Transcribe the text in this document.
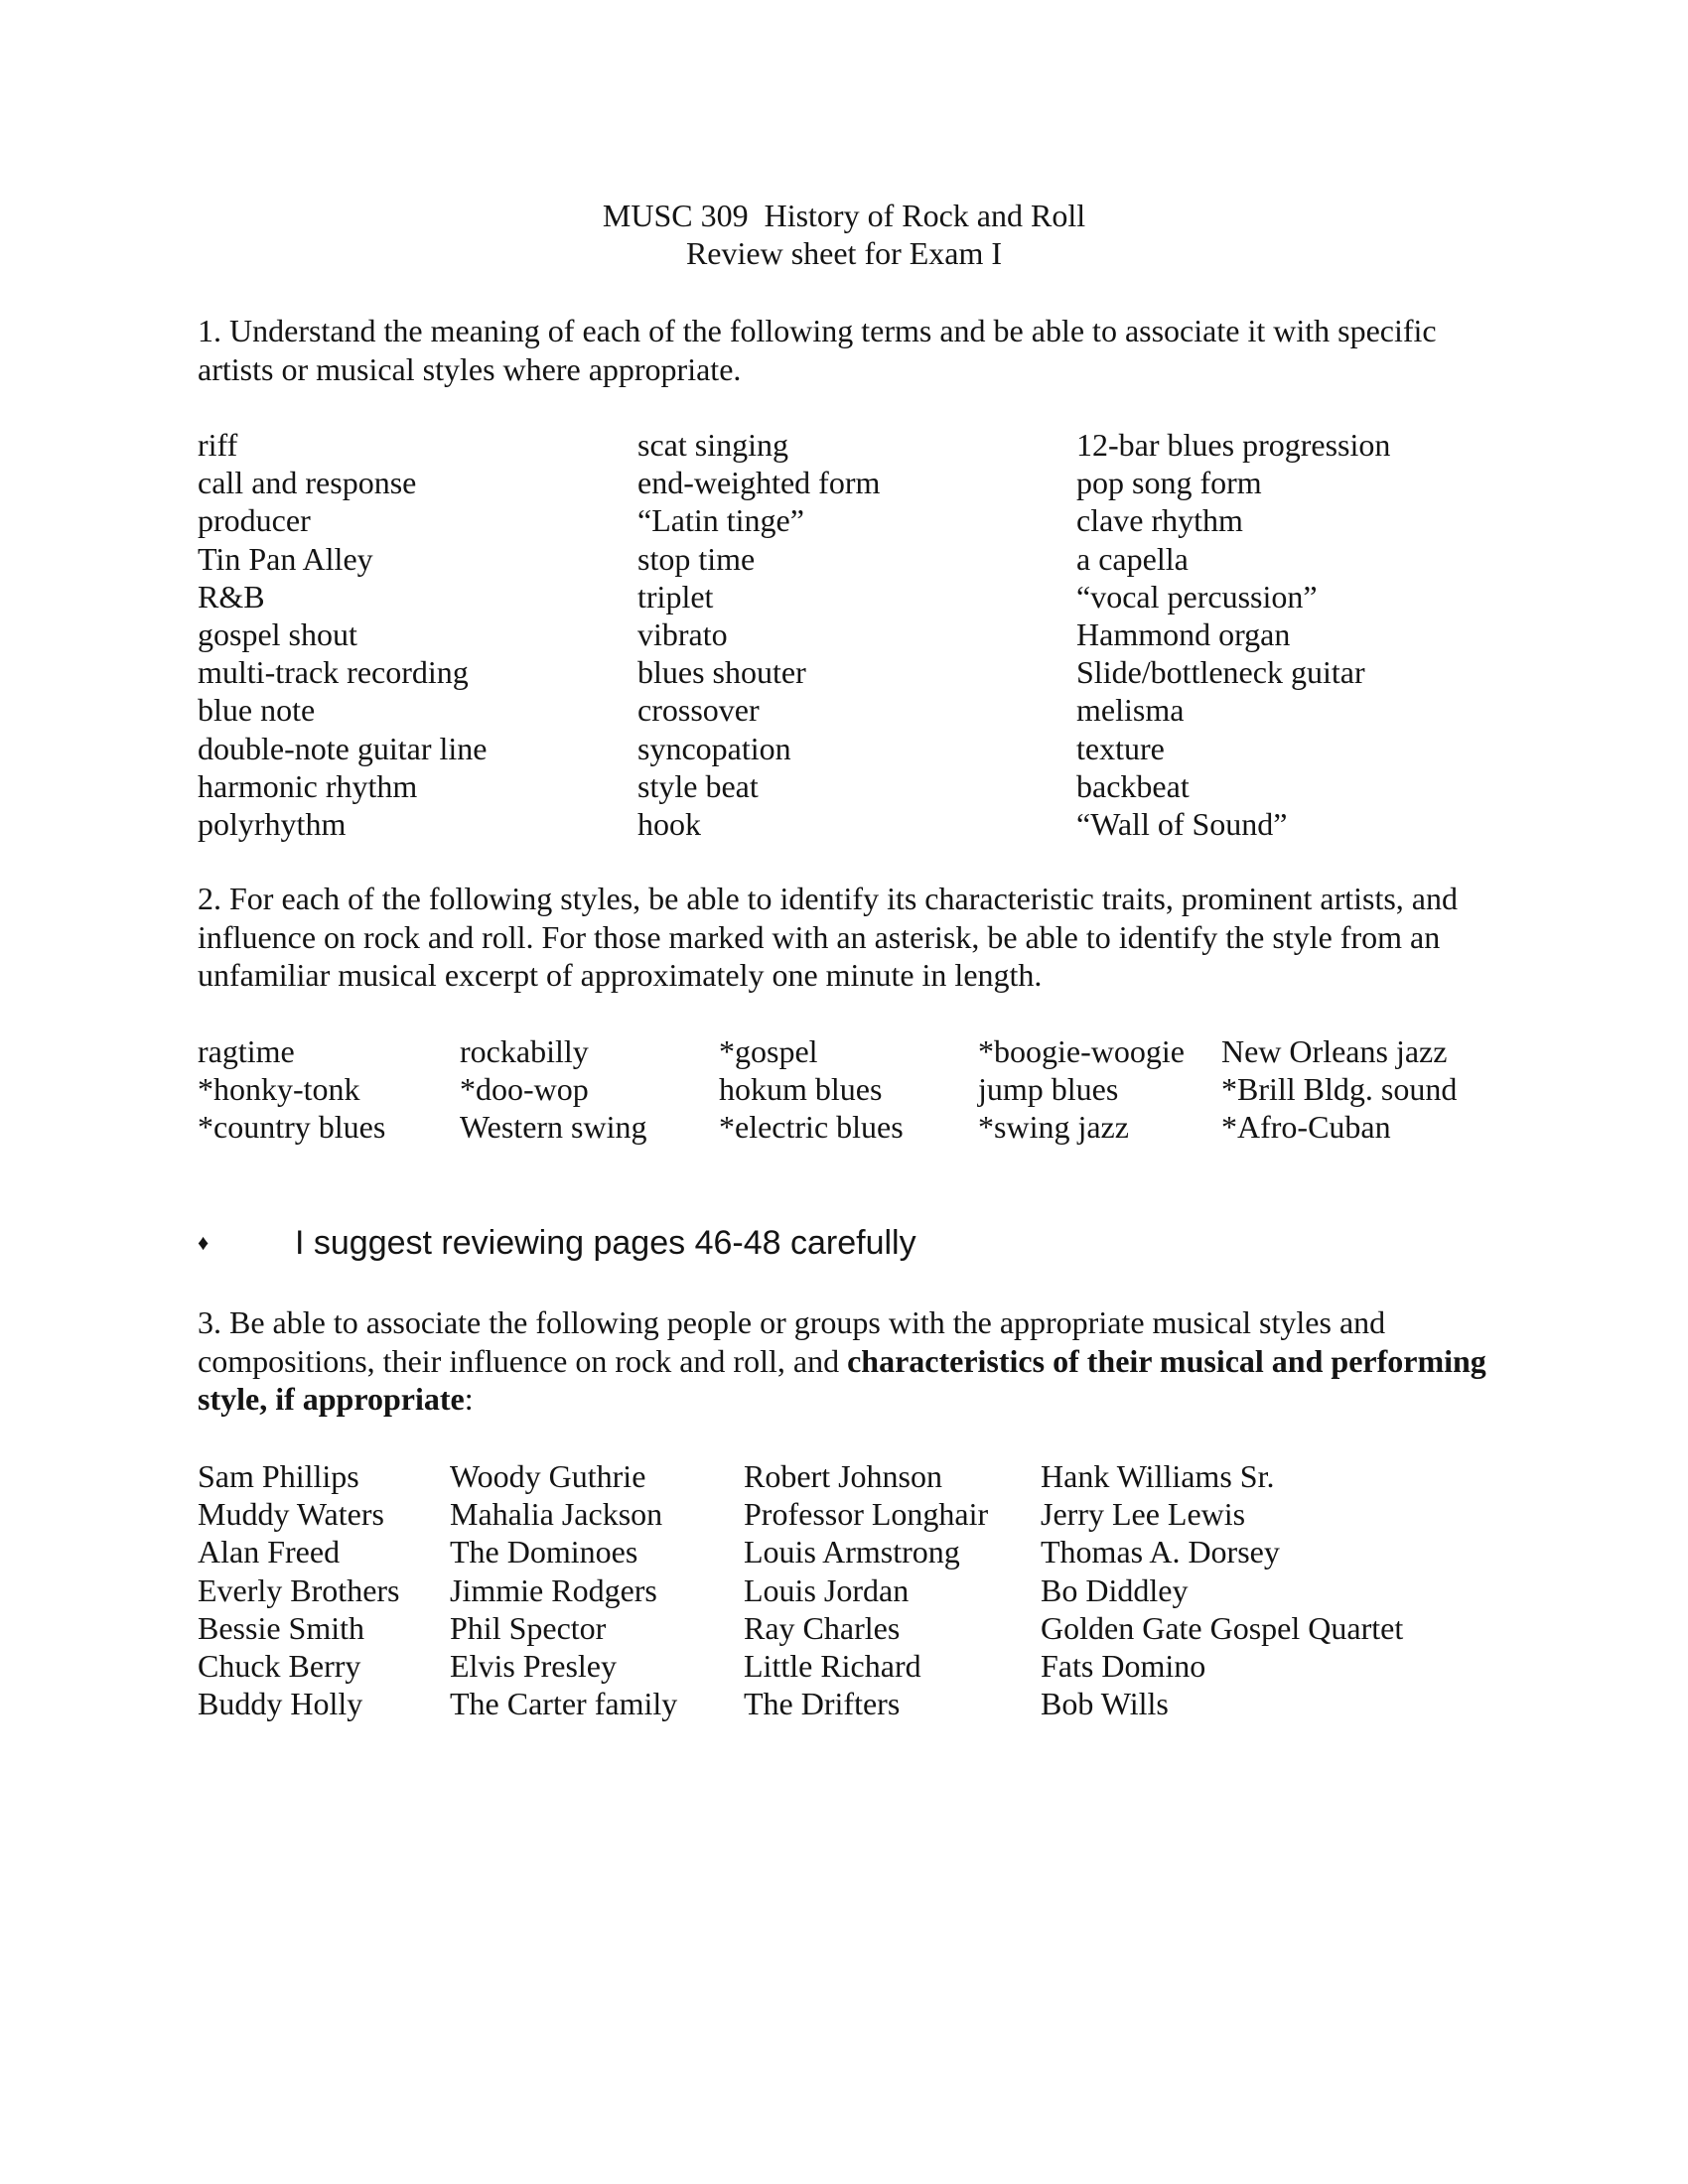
MUSC 309  History of Rock and Roll
Review sheet for Exam I
1. Understand the meaning of each of the following terms and be able to associate it with specific artists or musical styles where appropriate.
riff
call and response
producer
Tin Pan Alley
R&B
gospel shout
multi-track recording
blue note
double-note guitar line
harmonic rhythm
polyrhythm
scat singing
end-weighted form
“Latin tinge”
stop time
triplet
vibrato
blues shouter
crossover
syncopation
style beat
hook
12-bar blues progression
pop song form
clave rhythm
a capella
“vocal percussion”
Hammond organ
Slide/bottleneck guitar
melisma
texture
backbeat
“Wall of Sound”
2. For each of the following styles, be able to identify its characteristic traits, prominent artists, and influence on rock and roll. For those marked with an asterisk, be able to identify the style from an unfamiliar musical excerpt of approximately one minute in length.
ragtime
*honky-tonk
*country blues
rockabilly
*doo-wop
Western swing
*gospel
hokum blues
*electric blues
*boogie-woogie
jump blues
*swing jazz
New Orleans jazz
*Brill Bldg. sound
*Afro-Cuban
♦	I suggest reviewing pages 46-48 carefully
3. Be able to associate the following people or groups with the appropriate musical styles and compositions, their influence on rock and roll, and characteristics of their musical and performing style, if appropriate:
Sam Phillips
Muddy Waters
Alan Freed
Everly Brothers
Bessie Smith
Chuck Berry
Buddy Holly
Woody Guthrie
Mahalia Jackson
The Dominoes
Jimmie Rodgers
Phil Spector
Elvis Presley
The Carter family
Robert Johnson
Professor Longhair
Louis Armstrong
Louis Jordan
Ray Charles
Little Richard
The Drifters
Hank Williams Sr.
Jerry Lee Lewis
Thomas A. Dorsey
Bo Diddley
Golden Gate Gospel Quartet
Fats Domino
Bob Wills
